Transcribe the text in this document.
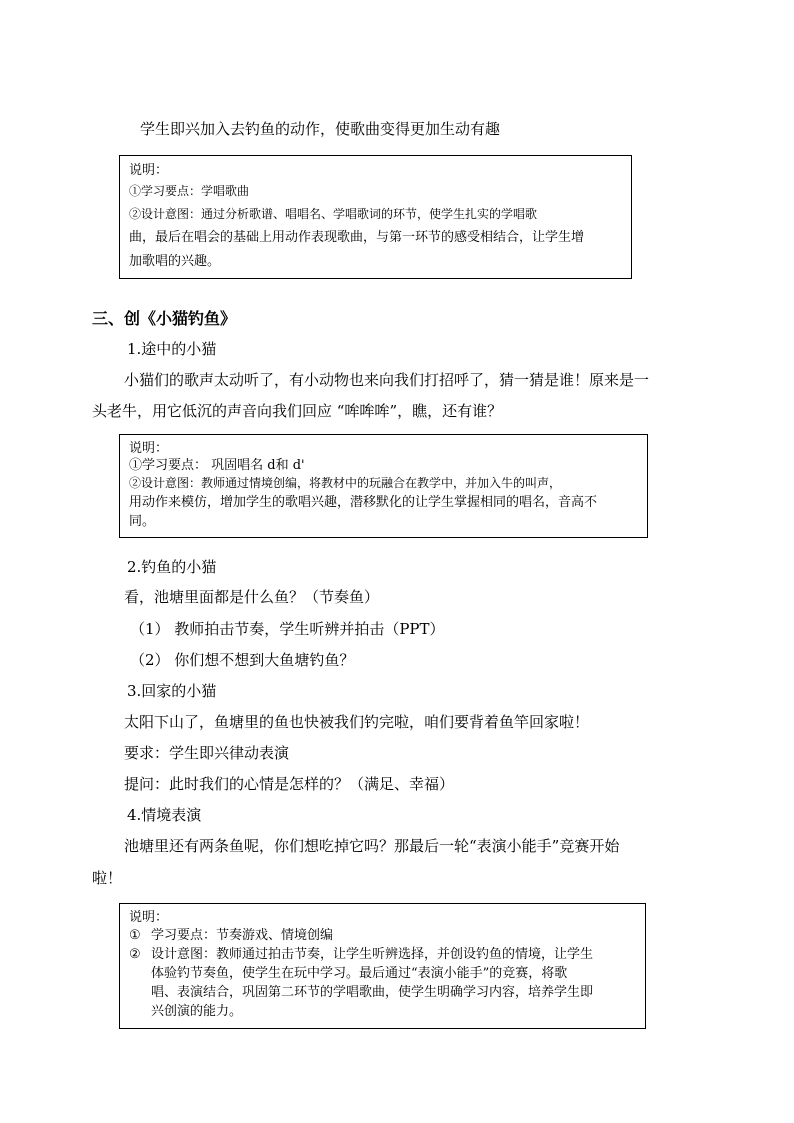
学生即兴加入去钓鱼的动作，使歌曲变得更加生动有趣
说明：
①学习要点：学唱歌曲
②设计意图：通过分析歌谱、唱唱名、学唱歌词的环节，使学生扎实的学唱歌
曲，最后在唱会的基础上用动作表现歌曲，与第一环节的感受相结合，让学生增
加歌唱的兴趣。
三、创《小猫钓鱼》
1.途中的小猫
小猫们的歌声太动听了，有小动物也来向我们打招呼了，猜一猜是谁！原来是一
头老牛，用它低沉的声音向我们回应 “哞哞哞”，瞧，还有谁？
说明：
①学习要点： 巩固唱名 d和 d'
②设计意图：教师通过情境创编，将教材中的玩融合在教学中，并加入牛的叫声，
用动作来模仿，增加学生的歌唱兴趣，潜移默化的让学生掌握相同的唱名，音高不
同。
2.钓鱼的小猫
看，池塘里面都是什么鱼？（节奏鱼）
（1） 教师拍击节奏，学生听辨并拍击（PPT）
（2） 你们想不想到大鱼塘钓鱼？
3.回家的小猫
太阳下山了，鱼塘里的鱼也快被我们钓完啦，咱们要背着鱼竿回家啦！
要求：学生即兴律动表演
提问：此时我们的心情是怎样的？（满足、幸福）
4.情境表演
池塘里还有两条鱼呢，你们想吃掉它吗？那最后一轮“表演小能手”竞赛开始
啦！
说明：
① 学习要点：节奏游戏、情境创编
② 设计意图：教师通过拍击节奏，让学生听辨选择，并创设钓鱼的情境，让学生
体验钓节奏鱼，使学生在玩中学习。最后通过“表演小能手”的竞赛，将歌
唱、表演结合，巩固第二环节的学唱歌曲，使学生明确学习内容，培养学生即
兴创演的能力。
